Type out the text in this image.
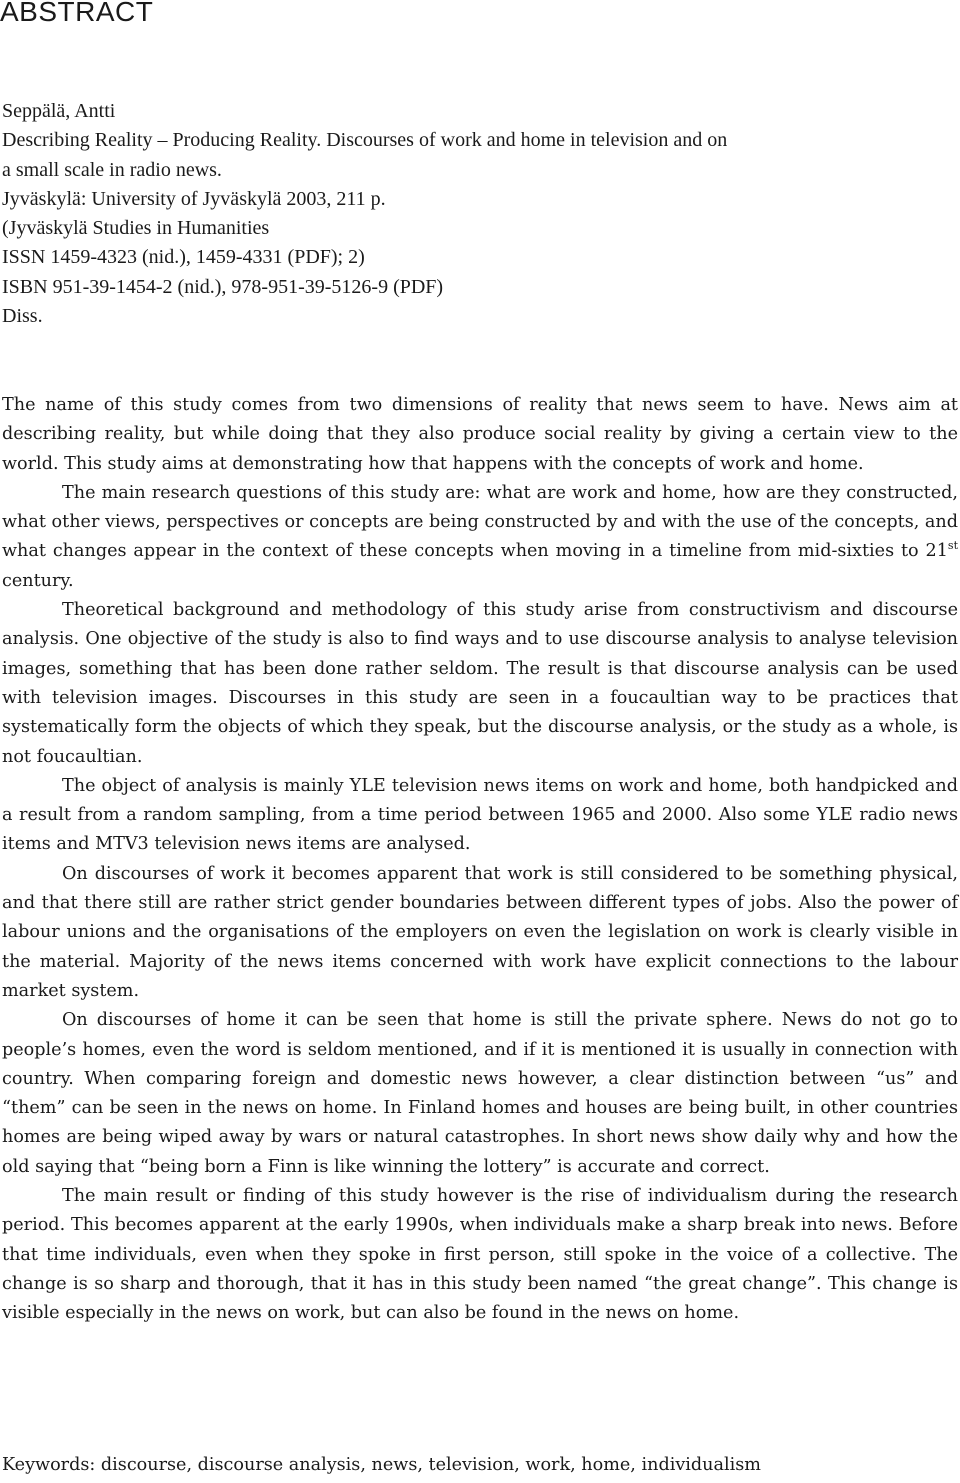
ABSTRACT
Seppälä, Antti
Describing Reality – Producing Reality. Discourses of work and home in television and on
a small scale in radio news.
Jyväskylä: University of Jyväskylä 2003, 211 p.
(Jyväskylä Studies in Humanities
ISSN 1459-4323 (nid.), 1459-4331 (PDF); 2)
ISBN 951-39-1454-2 (nid.), 978-951-39-5126-9 (PDF)
Diss.

The name of this study comes from two dimensions of reality that news seem to have. News aim at describing reality, but while doing that they also produce social reality by giving a certain view to the world. This study aims at demonstrating how that happens with the concepts of work and home.

The main research questions of this study are: what are work and home, how are they constructed, what other views, perspectives or concepts are being constructed by and with the use of the concepts, and what changes appear in the context of these concepts when moving in a timeline from mid-sixties to 21st century.

Theoretical background and methodology of this study arise from constructivism and discourse analysis. One objective of the study is also to find ways and to use discourse analysis to analyse television images, something that has been done rather seldom. The result is that discourse analysis can be used with television images. Discourses in this study are seen in a foucaultian way to be practices that systematically form the objects of which they speak, but the discourse analysis, or the study as a whole, is not foucaultian.

The object of analysis is mainly YLE television news items on work and home, both handpicked and a result from a random sampling, from a time period between 1965 and 2000. Also some YLE radio news items and MTV3 television news items are analysed.

On discourses of work it becomes apparent that work is still considered to be something physical, and that there still are rather strict gender boundaries between different types of jobs. Also the power of labour unions and the organisations of the employers on even the legislation on work is clearly visible in the material. Majority of the news items concerned with work have explicit connections to the labour market system.

On discourses of home it can be seen that home is still the private sphere. News do not go to people’s homes, even the word is seldom mentioned, and if it is mentioned it is usually in connection with country. When comparing foreign and domestic news however, a clear distinction between “us” and “them” can be seen in the news on home. In Finland homes and houses are being built, in other countries homes are being wiped away by wars or natural catastrophes. In short news show daily why and how the old saying that “being born a Finn is like winning the lottery” is accurate and correct.

The main result or finding of this study however is the rise of individualism during the research period. This becomes apparent at the early 1990s, when individuals make a sharp break into news. Before that time individuals, even when they spoke in first person, still spoke in the voice of a collective. The change is so sharp and thorough, that it has in this study been named “the great change”. This change is visible especially in the news on work, but can also be found in the news on home.

Keywords: discourse, discourse analysis, news, television, work, home, individualism
